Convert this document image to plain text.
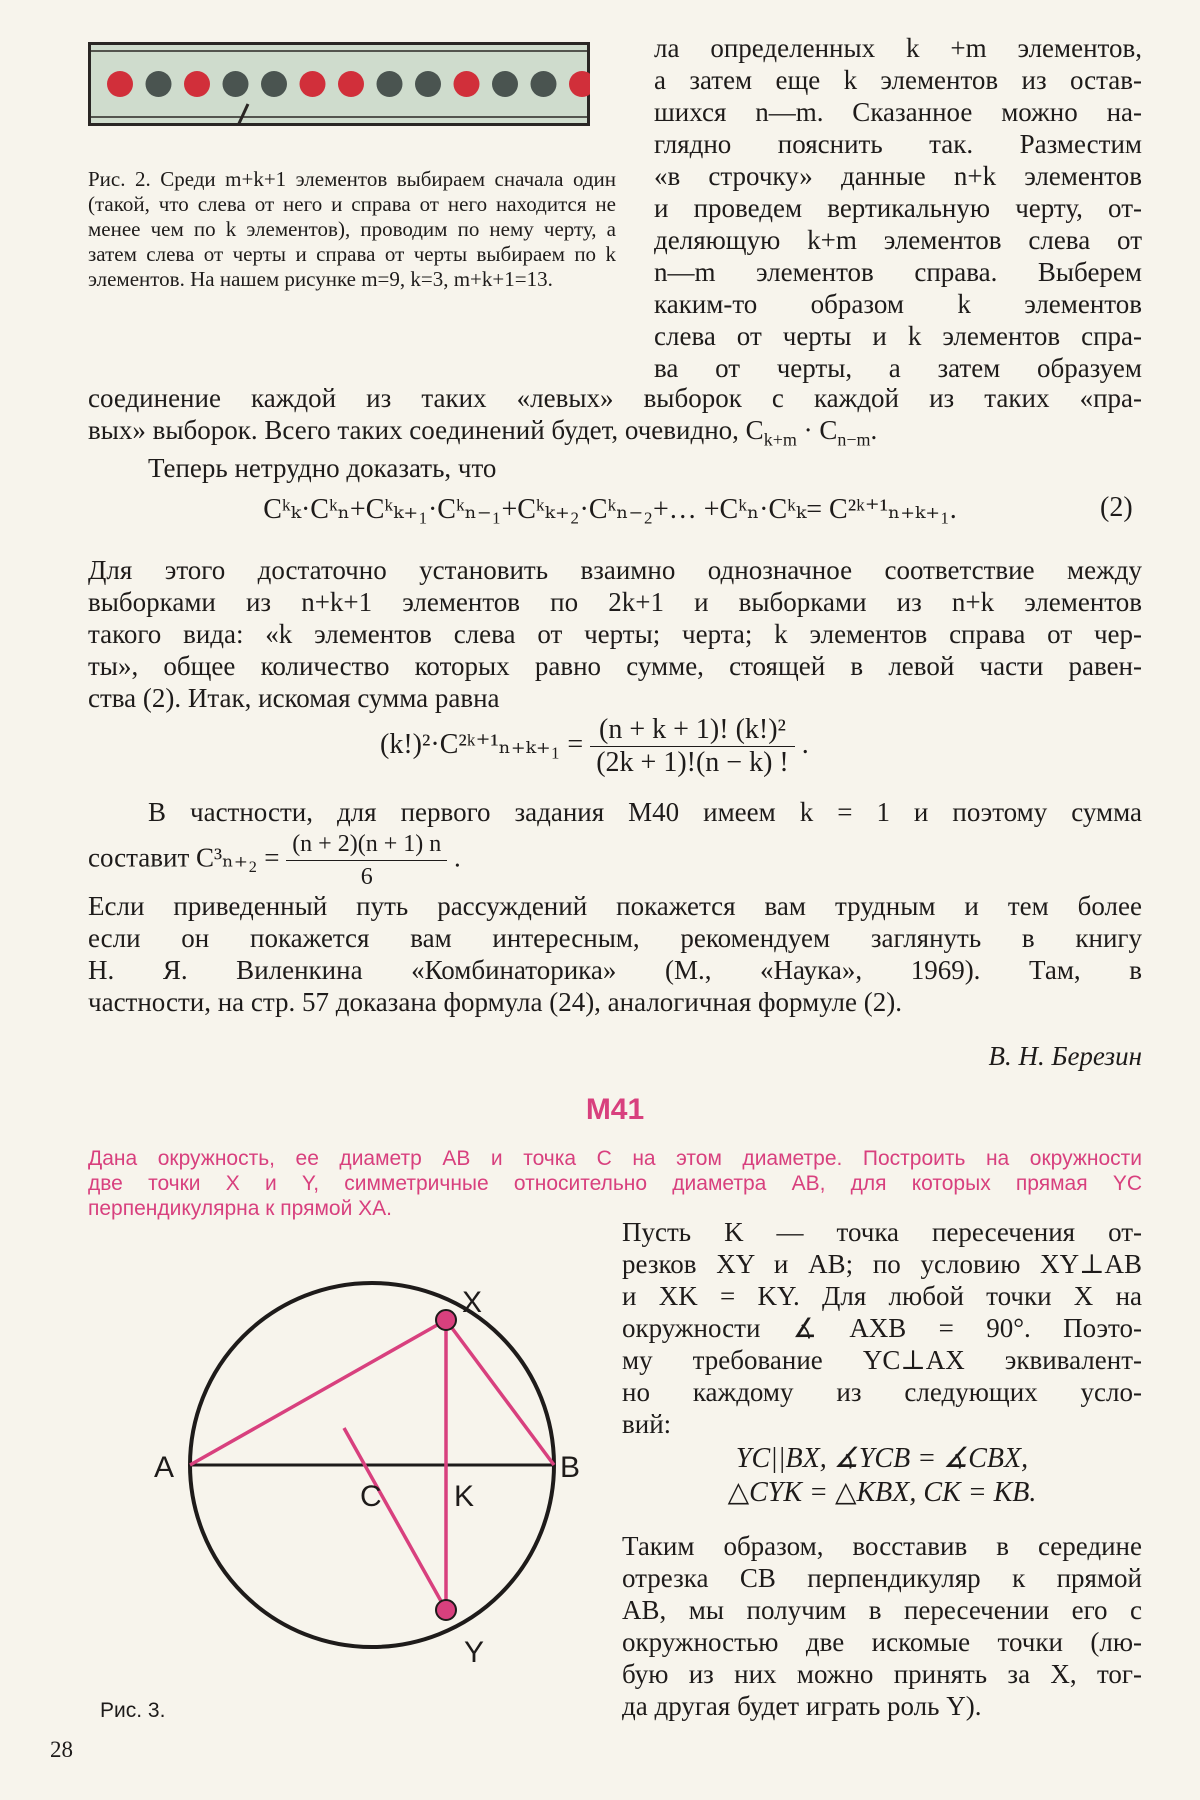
Рис. 2. Среди m+k+1 элементов выбираем сначала один (такой, что слева от него и справа от него находится не менее чем по k элементов), проводим по нему черту, а затем слева от черты и справа от черты выбираем по k элементов. На нашем рисунке m=9, k=3, m+k+1=13.
ла определенных k +m элементов,
а затем еще k элементов из остав-
шихся n—m. Сказанное можно на-
глядно пояснить так. Разместим
«в строчку» данные n+k элементов
и проведем вертикальную черту, от-
деляющую k+m элементов слева от
n—m элементов справа. Выберем
каким-то образом k элементов
слева от черты и k элементов спра-
ва от черты, а затем образуем
соединение каждой из таких «левых» выборок с каждой из таких «пра-
вых» выборок. Всего таких соединений будет, очевидно, $C_{k+m} \cdot C_{n-m}$.
Теперь нетрудно доказать, что
Cᵏₖ·Cᵏₙ+Cᵏₖ₊₁·Cᵏₙ₋₁+Cᵏₖ₊₂·Cᵏₙ₋₂+… +Cᵏₙ·Cᵏₖ= C²ᵏ⁺¹ₙ₊ₖ₊₁.	(2)
Для этого достаточно установить взаимно однозначное соответствие между
выборками из n+k+1 элементов по 2k+1 и выборками из n+k элементов
такого вида: «k элементов слева от черты; черта; k элементов справа от чер-
ты», общее количество которых равно сумме, стоящей в левой части равен-
ства (2). Итак, искомая сумма равна
(k!)²·C²ᵏ⁺¹ₙ₊ₖ₊₁ = $\frac{\text{(n + k + 1)! (k!)²}}{(2k + 1)!(n - k) !}$ .
В частности, для первого задания M40 имеем k = 1 и поэтому сумма
составит $C^3_{n+2} = \frac{(n + 2)(n + 1) n}{6}$ .
Если приведенный путь рассуждений покажется вам трудным и тем более
если он покажется вам интересным, рекомендуем заглянуть в книгу
Н. Я. Виленкина «Комбинаторика» (М., «Наука», 1969). Там, в
частности, на стр. 57 доказана формула (24), аналогичная формуле (2).
В. Н. Березин
M41
Дана окружность, ее диаметр AB и точка C на этом диаметре. Построить на окружности
две точки X и Y, симметричные относительно диаметра AB, для которых прямая YC
перпендикулярна к прямой XA.
A	B
C K
X
Y
Рис. 3.
Пусть K — точка пересечения от-
резков XY и AB; по условию XY⊥AB
и XK = KY. Для любой точки X на
окружности ∡ AXB = 90°. Поэто-
му требование YC⊥AX эквивалент-
но каждому из следующих усло-
вий:
YC||BX, ∡YCB = ∡CBX,
△CYK = △KBX, CK = KB.
Таким образом, восставив в середине
отрезка CB перпендикуляр к прямой
AB, мы получим в пересечении его с
окружностью две искомые точки (лю-
бую из них можно принять за X, тог-
да другая будет играть роль Y).
28
